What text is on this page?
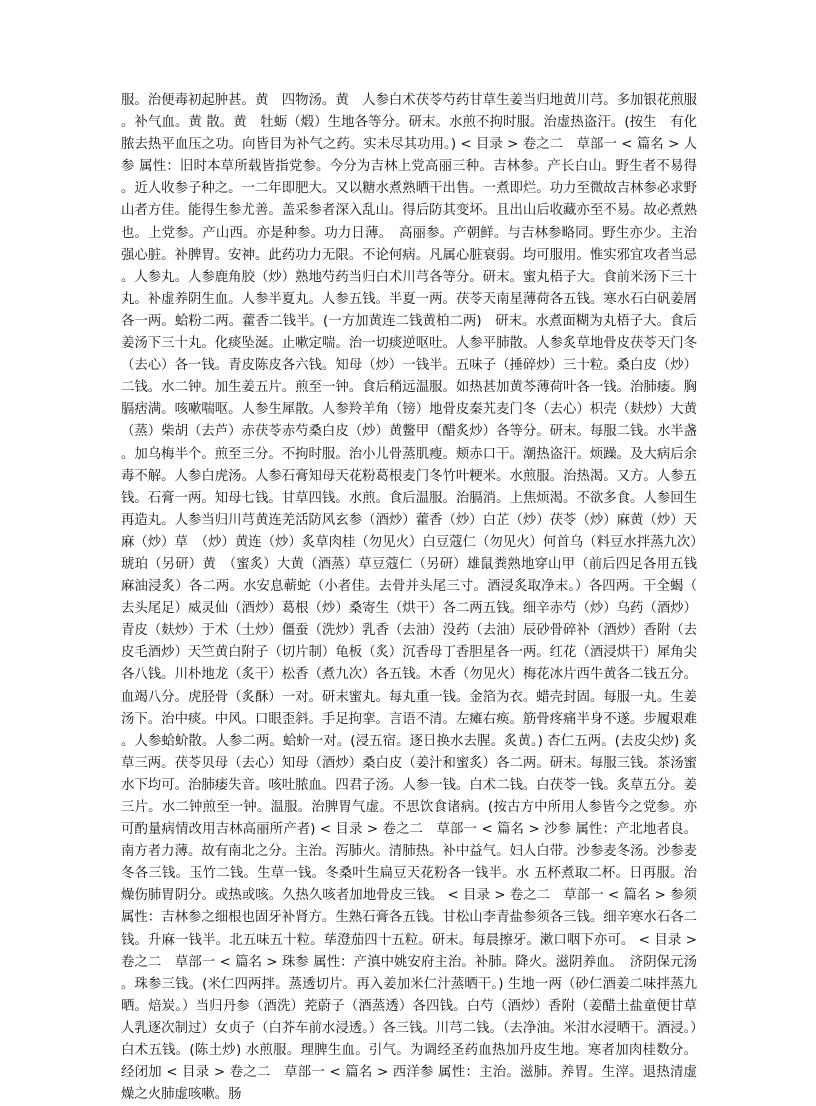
服。治便毒初起肿甚。黄　四物汤。黄　人参白术茯苓芍药甘草生姜当归地黄川芎。多加银花煎服。补气血。黄 散。黄　牡蛎（煅）生地各等分。研末。水煎不拘时服。治虚热盗汗。(按生　有化脓去热平血压之功。向皆目为补气之药。实未尽其功用。) < 目录 > 卷之二　草部一 < 篇名 > 人参 属性：旧时本草所载皆指党参。今分为吉林上党高丽三种。吉林参。产长白山。野生者不易得。近人收参子种之。一二年即肥大。又以糖水煮熟晒干出售。一煮即烂。功力至微故吉林参必求野山者方佳。能得生参尤善。盖采参者深入乱山。得后防其变坏。且出山后收藏亦至不易。故必煮熟也。上党参。产山西。亦是种参。功力日薄。　高丽参。产朝鲜。与吉林参略同。野生亦少。主治强心脏。补脾胃。安神。此药功力无限。不论何病。凡属心脏衰弱。均可服用。惟实邪宜攻者当忌。人参丸。人参鹿角胶（炒）熟地芍药当归白术川芎各等分。研末。蜜丸梧子大。食前米汤下三十丸。补虚养阴生血。人参半夏丸。人参五钱。半夏一两。茯苓天南星薄荷各五钱。寒水石白矾姜屑各一两。蛤粉二两。藿香二钱半。(一方加黄连二钱黄柏二两)　研末。水煮面糊为丸梧子大。食后姜汤下三十丸。化痰坠涎。止嗽定喘。治一切痰逆呕吐。人参平肺散。人参炙草地骨皮茯苓天门冬（去心）各一钱。青皮陈皮各六钱。知母（炒）一钱半。五味子（捶碎炒）三十粒。桑白皮（炒）二钱。水二钟。加生姜五片。煎至一钟。食后稍远温服。如热甚加黄芩薄荷叶各一钱。治肺痿。胸膈痞满。咳嗽喘呕。人参生犀散。人参羚羊角（镑）地骨皮秦艽麦门冬（去心）枳壳（麸炒）大黄（蒸）柴胡（去芦）赤茯苓赤芍桑白皮（炒）黄鳖甲（醋炙炒）各等分。研末。每服二钱。水半盏。加乌梅半个。煎至三分。不拘时服。治小儿骨蒸肌瘦。颊赤口干。潮热盗汗。烦躁。及大病后余毒不解。人参白虎汤。人参石膏知母天花粉葛根麦门冬竹叶粳米。水煎服。治热渴。又方。人参五钱。石膏一两。知母七钱。甘草四钱。水煎。食后温服。治膈消。上焦烦渴。不欲多食。人参回生再造丸。人参当归川芎黄连羌活防风玄参（酒炒）藿香（炒）白芷（炒）茯苓（炒）麻黄（炒）天麻（炒）草　（炒）黄连（炒）炙草肉桂（勿见火）白豆蔻仁（勿见火）何首乌（料豆水拌蒸九次）琥珀（另研）黄　（蜜炙）大黄（酒蒸）草豆蔻仁（另研）雄鼠粪熟地穿山甲（前后四足各用五钱麻油浸炙）各二两。水安息蕲蛇（小者佳。去骨并头尾三寸。酒浸炙取净末。）各四两。干全蝎（去头尾足）威灵仙（酒炒）葛根（炒）桑寄生（烘干）各二两五钱。细辛赤芍（炒）乌药（酒炒）青皮（麸炒）于术（土炒）僵蚕（洗炒）乳香（去油）没药（去油）辰砂骨碎补（酒炒）香附（去皮毛酒炒）天竺黄白附子（切片制）龟板（炙）沉香母丁香胆星各一两。红花（酒浸烘干）犀角尖各八钱。川朴地龙（炙干）松香（煮九次）各五钱。木香（勿见火）梅花冰片西牛黄各二钱五分。血竭八分。虎胫骨（炙酥）一对。研末蜜丸。每丸重一钱。金箔为衣。蜡壳封固。每服一丸。生姜汤下。治中痰。中风。口眼歪斜。手足拘挛。言语不清。左瘫右痪。筋骨疼痛半身不遂。步履艰难。人参蛤蚧散。人参二两。蛤蚧一对。(浸五宿。逐日换水去腥。炙黄。) 杏仁五两。(去皮尖炒) 炙草三两。茯苓贝母（去心）知母（酒炒）桑白皮（姜汁和蜜炙）各二两。研末。每服三钱。茶汤蜜水下均可。治肺痿失音。咳吐脓血。四君子汤。人参一钱。白术二钱。白茯苓一钱。炙草五分。姜三片。水二钟煎至一钟。温服。治脾胃气虚。不思饮食诸病。(按古方中所用人参皆今之党参。亦可酌量病情改用吉林高丽所产者) < 目录 > 卷之二　草部一 < 篇名 > 沙参 属性：产北地者良。南方者力薄。故有南北之分。主治。泻肺火。清肺热。补中益气。妇人白带。沙参麦冬汤。沙参麦冬各三钱。玉竹二钱。生草一钱。冬桑叶生扁豆天花粉各一钱半。水 五杯煮取二杯。日再服。治燥伤肺胃阴分。或热或咳。久热久咳者加地骨皮三钱。 < 目录 > 卷之二　草部一 < 篇名 > 参须 属性：吉林参之细根也固牙补肾方。生熟石膏各五钱。甘松山李青盐参须各三钱。细辛寒水石各二钱。升麻一钱半。北五味五十粒。荜澄茄四十五粒。研末。每晨擦牙。漱口咽下亦可。 < 目录 > 卷之二　草部一 < 篇名 > 珠参 属性：产滇中姚安府主治。补肺。降火。滋阴养血。　济阴保元汤。珠参三钱。(米仁四两拌。蒸透切片。再入姜加米仁汁蒸晒干。) 生地一两（砂仁酒姜二味拌蒸九晒。焙炭。）当归丹参（酒洗）茺蔚子（酒蒸透）各四钱。白芍（酒炒）香附（姜醋土盐童便甘草人乳逐次制过）女贞子（白芥车前水浸透。）各三钱。川芎二钱。（去净油。米泔水浸晒干。酒浸。）白术五钱。(陈土炒) 水煎服。理脾生血。引气。为调经圣药血热加丹皮生地。寒者加肉桂数分。经闭加 < 目录 > 卷之二　草部一 < 篇名 > 西洋参 属性：主治。滋肺。养胃。生滓。退热清虚燥之火肺虚咳嗽。肠
